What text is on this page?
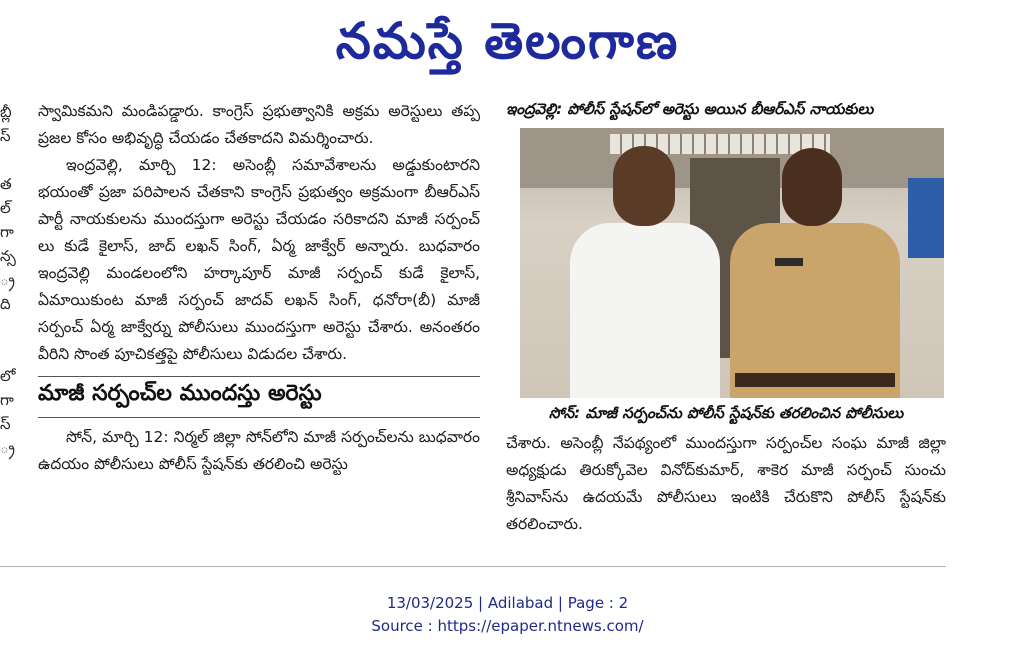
నమస్తే తెలంగాణ
బ్లీ
స్
త
ల్
గా
న్స
్ర
ది
లో
గా
స్
్ర

స్వామికమని మండిపడ్డారు. కాంగ్రెస్ ప్రభుత్వానికి అక్రమ అరెస్టులు తప్ప ప్రజల కోసం అభివృద్ధి చేయడం చేతకాదని విమర్శించారు.

ఇంద్రవెల్లి, మార్చి 12: అసెంబ్లీ సమావేశాలను అడ్డుకుంటారని భయంతో ప్రజా పరిపాలన చేతకాని కాంగ్రెస్ ప్రభుత్వం అక్రమంగా బీఆర్ఎస్ పార్టీ నాయకులను ముందస్తుగా అరెస్టు చేయడం సరికాదని మాజీ సర్పంచ్ లు కుడే కైలాస్, జాద్ లఖన్ సింగ్, ఏర్మ జాక్వేర్ అన్నారు. బుధవారం ఇంద్రవెల్లి మండలంలోని హర్కాపూర్ మాజీ సర్పంచ్ కుడే కైలాస్, ఏమాయికుంట మాజీ సర్పంచ్ జాదవ్ లఖన్ సింగ్, ధనోరా(బీ) మాజీ సర్పంచ్ ఏర్మ జాక్వేర్ను పోలీసులు ముందస్తుగా అరెస్టు చేశారు. అనంతరం వీరిని సొంత పూచికత్తపై పోలీసులు విడుదల చేశారు.

మాజీ సర్పంచ్‌ల ముందస్తు అరెస్టు

సోన్, మార్చి 12: నిర్మల్ జిల్లా సోన్‌లోని మాజీ సర్పంచ్‌లను బుధవారం ఉదయం పోలీసులు పోలీస్ స్టేషన్‌కు తరలించి అరెస్టు

ఇంద్రవెల్లి: పోలీస్ స్టేషన్‌లో అరెస్టు అయిన బీఆర్ఎస్ నాయకులు
సోన్: మాజీ సర్పంచ్‌ను పోలీస్ స్టేషన్‌కు తరలించిన పోలీసులు

చేశారు. అసెంబ్లీ నేపథ్యంలో ముందస్తుగా సర్పంచ్‌ల సంఘ మాజీ జిల్లా అధ్యక్షుడు తిరుక్కోవెల వినోద్‌కుమార్, శాకెర మాజీ సర్పంచ్ సుంచు శ్రీనివాస్‌ను ఉదయమే పోలీసులు ఇంటికి చేరుకొని పోలీస్ స్టేషన్‌కు తరలించారు.

13/03/2025 | Adilabad | Page : 2
Source : https://epaper.ntnews.com/
